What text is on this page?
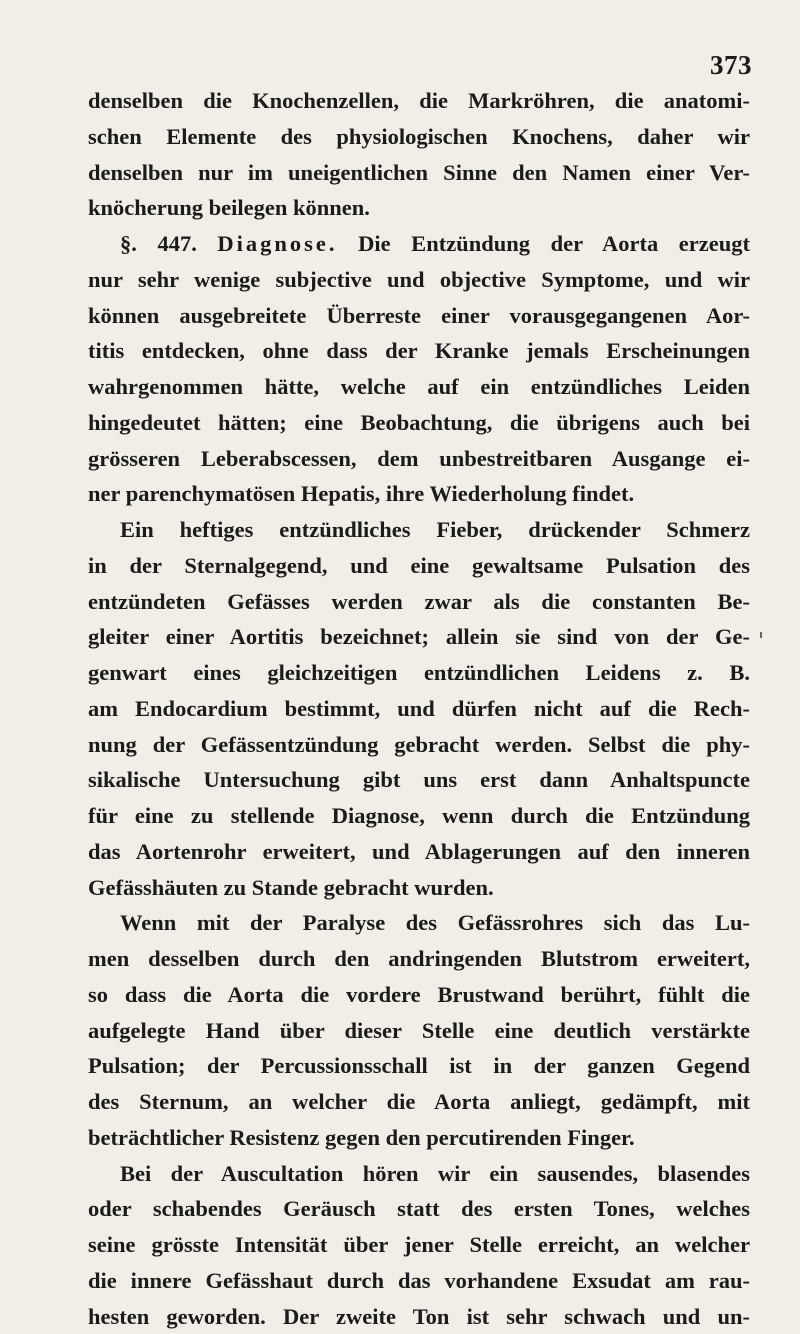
373
denselben die Knochenzellen, die Markröhren, die anatomi-
schen Elemente des physiologischen Knochens, daher wir
denselben nur im uneigentlichen Sinne den Namen einer Ver-
knöcherung beilegen können.
§. 447. Diagnose. Die Entzündung der Aorta erzeugt
nur sehr wenige subjective und objective Symptome, und wir
können ausgebreitete Überreste einer vorausgegangenen Aor-
titis entdecken, ohne dass der Kranke jemals Erscheinungen
wahrgenommen hätte, welche auf ein entzündliches Leiden
hingedeutet hätten; eine Beobachtung, die übrigens auch bei
grösseren Leberabscessen, dem unbestreitbaren Ausgange ei-
ner parenchymatösen Hepatis, ihre Wiederholung findet.
Ein heftiges entzündliches Fieber, drückender Schmerz
in der Sternalgegend, und eine gewaltsame Pulsation des
entzündeten Gefässes werden zwar als die constanten Be-
gleiter einer Aortitis bezeichnet; allein sie sind von der Ge-
genwart eines gleichzeitigen entzündlichen Leidens z. B.
am Endocardium bestimmt, und dürfen nicht auf die Rech-
nung der Gefässentzündung gebracht werden. Selbst die phy-
sikalische Untersuchung gibt uns erst dann Anhaltspuncte
für eine zu stellende Diagnose, wenn durch die Entzündung
das Aortenrohr erweitert, und Ablagerungen auf den inneren
Gefässhäuten zu Stande gebracht wurden.
Wenn mit der Paralyse des Gefässrohres sich das Lu-
men desselben durch den andringenden Blutstrom erweitert,
so dass die Aorta die vordere Brustwand berührt, fühlt die
aufgelegte Hand über dieser Stelle eine deutlich verstärkte
Pulsation; der Percussionsschall ist in der ganzen Gegend
des Sternum, an welcher die Aorta anliegt, gedämpft, mit
beträchtlicher Resistenz gegen den percutirenden Finger.
Bei der Auscultation hören wir ein sausendes, blasendes
oder schabendes Geräusch statt des ersten Tones, welches
seine grösste Intensität über jener Stelle erreicht, an welcher
die innere Gefässhaut durch das vorhandene Exsudat am rau-
hesten geworden. Der zweite Ton ist sehr schwach und un-
